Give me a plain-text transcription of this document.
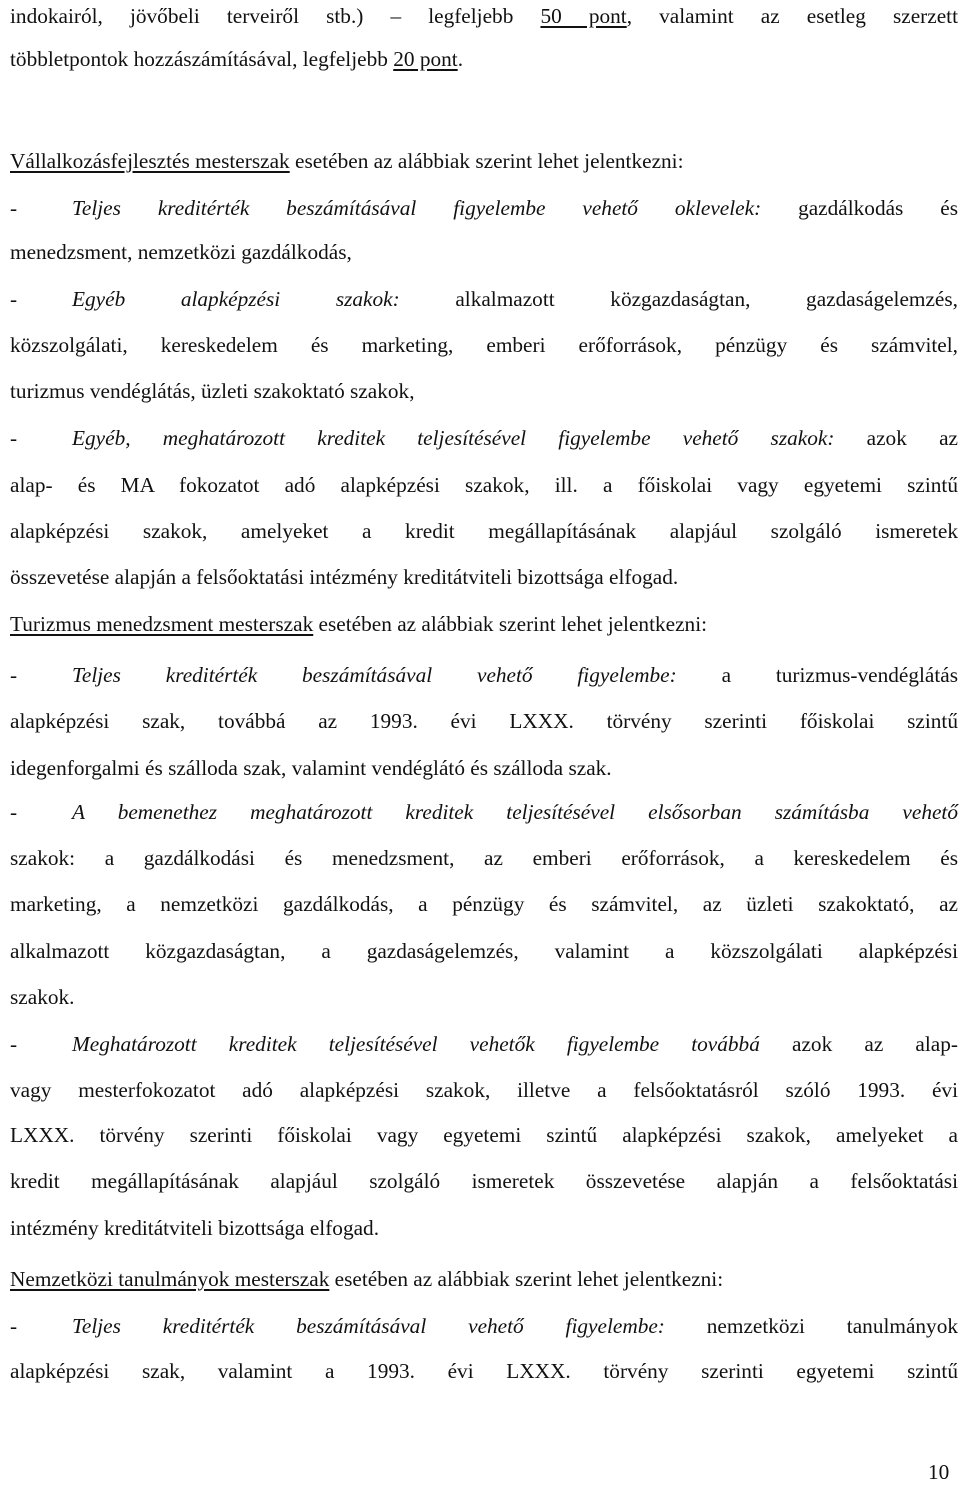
indokairól, jövőbeli terveiről stb.) – legfeljebb 50 pont, valamint az esetleg szerzett
többletpontok hozzászámításával, legfeljebb 20 pont.
Vállalkozásfejlesztés mesterszak esetében az alábbiak szerint lehet jelentkezni:
-	Teljes kreditérték beszámításával figyelembe vehető oklevelek: gazdálkodás és
menedzsment, nemzetközi gazdálkodás,
-	Egyéb alapképzési szakok: alkalmazott közgazdaságtan, gazdaságelemzés,
közszolgálati, kereskedelem és marketing, emberi erőforrások, pénzügy és számvitel,
turizmus vendéglátás, üzleti szakoktató szakok,
-	Egyéb, meghatározott kreditek teljesítésével figyelembe vehető szakok: azok az
alap- és MA fokozatot adó alapképzési szakok, ill. a főiskolai vagy egyetemi szintű
alapképzési szakok, amelyeket a kredit megállapításának alapjául szolgáló ismeretek
összevetése alapján a felsőoktatási intézmény kreditátviteli bizottsága elfogad.
Turizmus menedzsment mesterszak esetében az alábbiak szerint lehet jelentkezni:
-	Teljes kreditérték beszámításával vehető figyelembe: a turizmus-vendéglátás
alapképzési szak, továbbá az 1993. évi LXXX. törvény szerinti főiskolai szintű
idegenforgalmi és szálloda szak, valamint vendéglátó és szálloda szak.
-	A bemenethez meghatározott kreditek teljesítésével elsősorban számításba vehető
szakok: a gazdálkodási és menedzsment, az emberi erőforrások, a kereskedelem és
marketing, a nemzetközi gazdálkodás, a pénzügy és számvitel, az üzleti szakoktató, az
alkalmazott közgazdaságtan, a gazdaságelemzés, valamint a közszolgálati alapképzési
szakok.
-	Meghatározott kreditek teljesítésével vehetők figyelembe továbbá azok az alap-
vagy mesterfokozatot adó alapképzési szakok, illetve a felsőoktatásról szóló 1993. évi
LXXX. törvény szerinti főiskolai vagy egyetemi szintű alapképzési szakok, amelyeket a
kredit megállapításának alapjául szolgáló ismeretek összevetése alapján a felsőoktatási
intézmény kreditátviteli bizottsága elfogad.
Nemzetközi tanulmányok mesterszak esetében az alábbiak szerint lehet jelentkezni:
-	Teljes kreditérték beszámításával vehető figyelembe: nemzetközi tanulmányok
alapképzési szak, valamint a 1993. évi LXXX. törvény szerinti egyetemi szintű
10
